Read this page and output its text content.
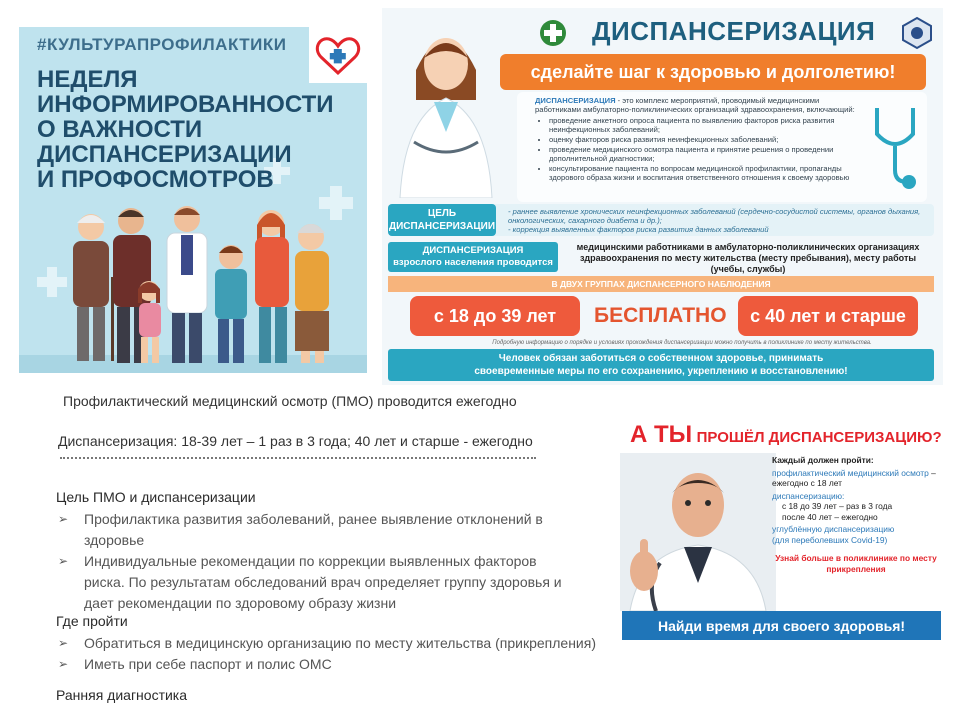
#КУЛЬТУРАПРОФИЛАКТИКИ
НЕДЕЛЯ
ИНФОРМИРОВАННОСТИ
О ВАЖНОСТИ
ДИСПАНСЕРИЗАЦИИ
И ПРОФОСМОТРОВ
ДИСПАНСЕРИЗАЦИЯ
сделайте шаг к здоровью и долголетию!
ДИСПАНСЕРИЗАЦИЯ - это комплекс мероприятий, проводимый медицинскими работниками амбулаторно-поликлинических организаций здравоохранения, включающий:
• проведение анкетного опроса пациента по выявлению факторов риска развития неинфекционных заболеваний;
• оценку факторов риска развития неинфекционных заболеваний;
• проведение медицинского осмотра пациента и принятие решения о проведении дополнительной диагностики;
• консультирование пациента по вопросам медицинской профилактики, пропаганды здорового образа жизни и воспитания ответственного отношения к своему здоровью
ЦЕЛЬ
ДИСПАНСЕРИЗАЦИИ
- раннее выявление хронических неинфекционных заболеваний (сердечно-сосудистой системы, органов дыхания, онкологических, сахарного диабета и др.);
- коррекция выявленных факторов риска развития данных заболеваний
ДИСПАНСЕРИЗАЦИЯ
взрослого населения проводится
медицинскими работниками в амбулаторно-поликлинических организациях здравоохранения по месту жительства (месту пребывания), месту работы (учебы, службы)
В ДВУХ ГРУППАХ ДИСПАНСЕРНОГО НАБЛЮДЕНИЯ
с 18 до 39 лет	БЕСПЛАТНО	с 40 лет и старше
Подробную информацию о порядке и условиях прохождения диспансеризации можно получить в поликлинике по месту жительства.
Человек обязан заботиться о собственном здоровье, принимать
своевременные меры по его сохранению, укреплению и восстановлению!
!
Профилактический медицинский осмотр (ПМО) проводится ежегодно
Диспансеризация: 18-39 лет – 1 раз в 3 года; 40 лет и старше - ежегодно
Цель ПМО и диспансеризации
➢ Профилактика развития заболеваний, ранее выявление отклонений в здоровье
➢ Индивидуальные рекомендации по коррекции выявленных факторов риска. По результатам обследований врач определяет группу здоровья и дает рекомендации по здоровому образу жизни
Где пройти
➢ Обратиться в медицинскую организацию по месту жительства (прикрепления)
➢ Иметь при себе паспорт и полис ОМС
Ранняя диагностика
А ТЫ ПРОШЁЛ ДИСПАНСЕРИЗАЦИЮ?
Каждый должен пройти:
профилактический медицинский осмотр – ежегодно с 18 лет
диспансеризацию:
с 18 до 39 лет – раз в 3 года
после 40 лет – ежегодно
углублённую диспансеризацию
(для переболевших Covid-19)
Узнай больше в поликлинике по месту прикрепления
Найди время для своего здоровья!
